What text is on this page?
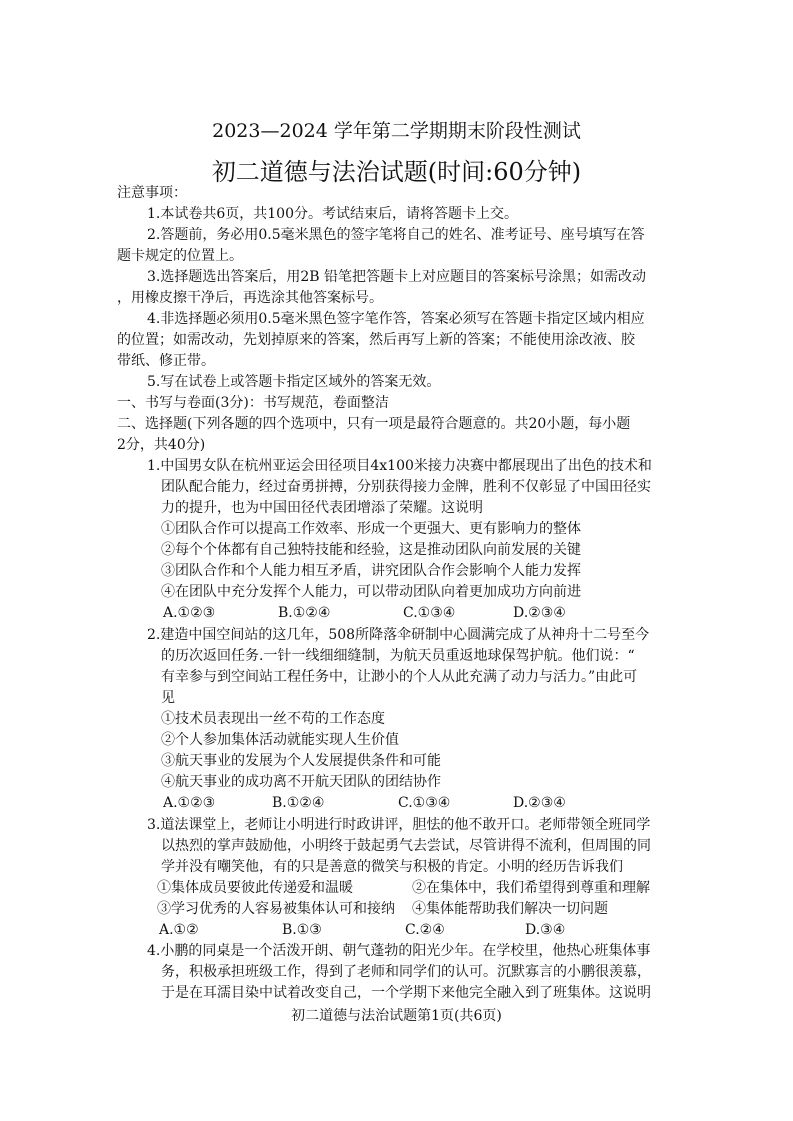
2023—2024 学年第二学期期末阶段性测试
初二道德与法治试题(时间:60分钟)
注意事项：
1.本试卷共6页，共100分。考试结束后，请将答题卡上交。
2.答题前，务必用0.5毫米黑色的签字笔将自己的姓名、准考证号、座号填写在答
题卡规定的位置上。
3.选择题选出答案后，用2B 铅笔把答题卡上对应题目的答案标号涂黑；如需改动
，用橡皮擦干净后，再选涂其他答案标号。
4.非选择题必须用0.5毫米黑色签字笔作答，答案必须写在答题卡指定区域内相应
的位置；如需改动，先划掉原来的答案，然后再写上新的答案；不能使用涂改液、胶
带纸、修正带。
5.写在试卷上或答题卡指定区域外的答案无效。
一、书写与卷面(3分)：书写规范，卷面整洁
二、选择题(下列各题的四个选项中，只有一项是最符合题意的。共20小题，每小题
2分，共40分)
1.中国男女队在杭州亚运会田径项目4x100米接力决赛中都展现出了出色的技术和
团队配合能力，经过奋勇拼搏，分别获得接力金牌，胜利不仅彰显了中国田径实
力的提升，也为中国田径代表团增添了荣耀。这说明
①团队合作可以提高工作效率、形成一个更强大、更有影响力的整体
②每个个体都有自己独特技能和经验，这是推动团队向前发展的关键
③团队合作和个人能力相互矛盾，讲究团队合作会影响个人能力发挥
④在团队中充分发挥个人能力，可以带动团队向着更加成功方向前进
A.①②③	B.①②④	C.①③④	D.②③④
2.建造中国空间站的这几年，508所降落伞研制中心圆满完成了从神舟十二号至今
的历次返回任务.一针一线细细缝制，为航天员重返地球保驾护航。他们说：“
有幸参与到空间站工程任务中，让渺小的个人从此充满了动力与活力。”由此可
见
①技术员表现出一丝不苟的工作态度
②个人参加集体活动就能实现人生价值
③航天事业的发展为个人发展提供条件和可能
④航天事业的成功离不开航天团队的团结协作
A.①②③	B.①②④	C.①③④	D.②③④
3.道法课堂上，老师让小明进行时政讲评，胆怯的他不敢开口。老师带领全班同学
以热烈的掌声鼓励他，小明终于鼓起勇气去尝试，尽管讲得不流利，但周围的同
学并没有嘲笑他，有的只是善意的微笑与积极的肯定。小明的经历告诉我们
①集体成员要彼此传递爱和温暖	②在集体中，我们希望得到尊重和理解
③学习优秀的人容易被集体认可和接纳 ④集体能帮助我们解决一切问题
A.①②	B.①③	C.②④	D.③④
4.小鹏的同桌是一个活泼开朗、朝气蓬勃的阳光少年。在学校里，他热心班集体事
务，积极承担班级工作，得到了老师和同学们的认可。沉默寡言的小鹏很羡慕，
于是在耳濡目染中试着改变自己，一个学期下来他完全融入到了班集体。这说明
初二道德与法治试题第1页(共6页)
